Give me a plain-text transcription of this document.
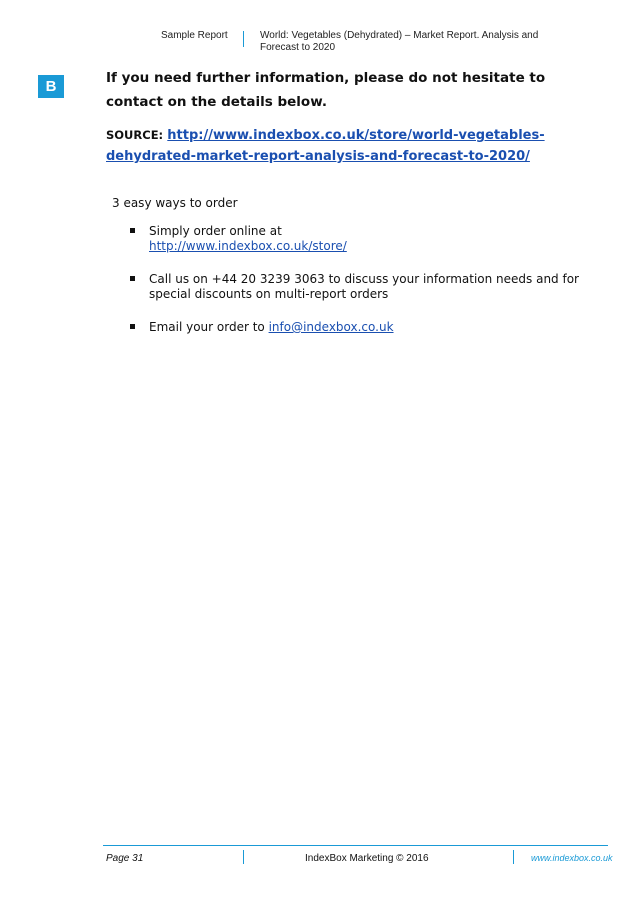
Sample Report	World: Vegetables (Dehydrated) – Market Report. Analysis and
Forecast to 2020
B	If you need further information, please do not hesitate to contact on the details below.
SOURCE: http://www.indexbox.co.uk/store/world-vegetables-
dehydrated-market-report-analysis-and-forecast-to-2020/
3 easy ways to order
Simply order online at
http://www.indexbox.co.uk/store/
Call us on +44 20 3239 3063 to discuss your information needs and for special discounts on multi-report orders
Email your order to info@indexbox.co.uk
Page 31	IndexBox Marketing © 2016	www.indexbox.co.uk
